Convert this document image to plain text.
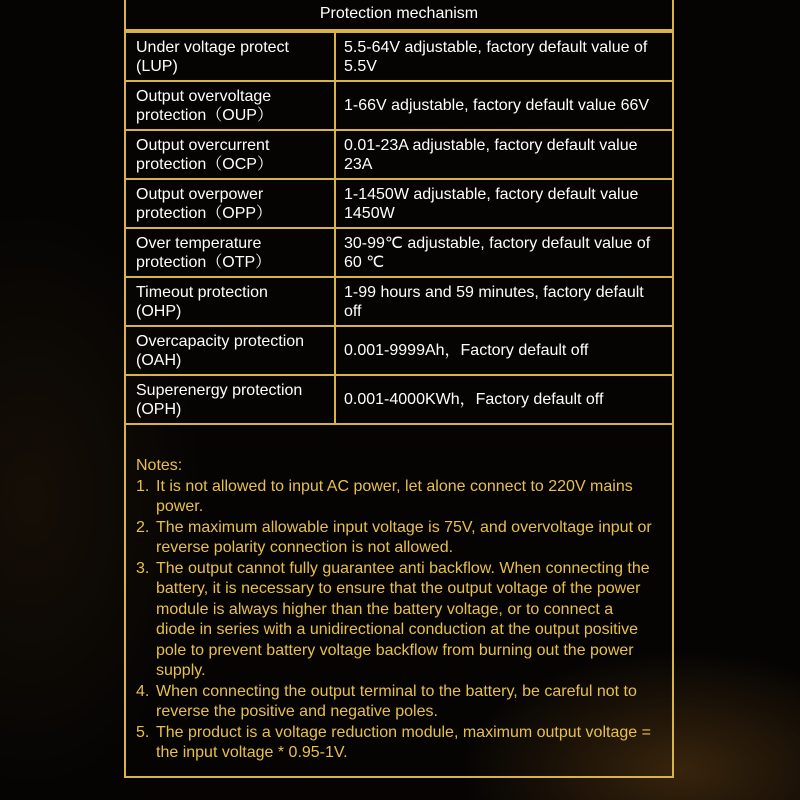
Protection mechanism
Under voltage protect
(LUP)	5.5-64V adjustable, factory default value of 5.5V

Output overvoltage
protection（OUP）	1-66V adjustable, factory default value 66V

Output overcurrent
protection（OCP）	0.01-23A adjustable, factory default value 23A

Output overpower
protection（OPP）	1-1450W adjustable, factory default value 1450W

Over temperature
protection（OTP）	30-99℃ adjustable, factory default value of 60 ℃

Timeout protection
(OHP)	1-99 hours and 59 minutes, factory default off

Overcapacity protection
(OAH)	0.001-9999Ah，Factory default off

Superenergy protection
(OPH)	0.001-4000KWh，Factory default off
Notes:
1. It is not allowed to input AC power, let alone connect to 220V mains power.
2. The maximum allowable input voltage is 75V, and overvoltage input or reverse polarity connection is not allowed.
3. The output cannot fully guarantee anti backflow. When connecting the battery, it is necessary to ensure that the output voltage of the power module is always higher than the battery voltage, or to connect a diode in series with a unidirectional conduction at the output positive pole to prevent battery voltage backflow from burning out the power supply.
4. When connecting the output terminal to the battery, be careful not to reverse the positive and negative poles.
5. The product is a voltage reduction module, maximum output voltage = the input voltage * 0.95-1V.
